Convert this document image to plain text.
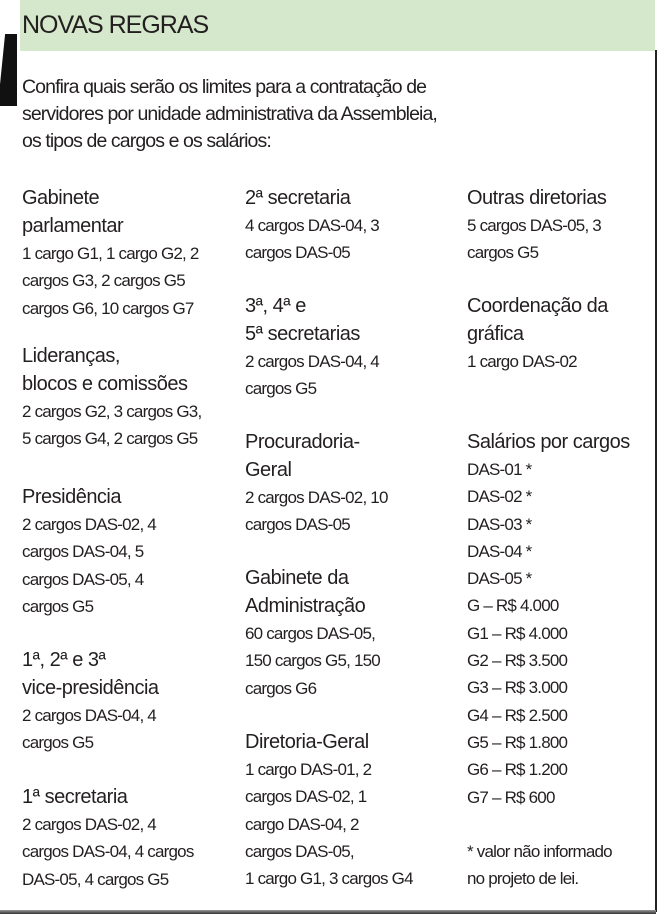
NOVAS REGRAS
Confira quais serão os limites para a contratação de
servidores por unidade administrativa da Assembleia,
os tipos de cargos e os salários:
Gabinete
parlamentar
1 cargo G1, 1 cargo G2, 2
cargos G3, 2 cargos G5
cargos G6, 10 cargos G7
Lideranças,
blocos e comissões
2 cargos G2, 3 cargos G3,
5 cargos G4, 2 cargos G5
Presidência
2 cargos DAS-02, 4
cargos DAS-04, 5
cargos DAS-05, 4
cargos G5
1ª, 2ª e 3ª
vice-presidência
2 cargos DAS-04, 4
cargos G5
1ª secretaria
2 cargos DAS-02, 4
cargos DAS-04, 4 cargos
DAS-05, 4 cargos G5
2ª secretaria
4 cargos DAS-04, 3
cargos DAS-05
3ª, 4ª e
5ª secretarias
2 cargos DAS-04, 4
cargos G5
Procuradoria-
Geral
2 cargos DAS-02, 10
cargos DAS-05
Gabinete da
Administração
60 cargos DAS-05,
150 cargos G5, 150
cargos G6
Diretoria-Geral
1 cargo DAS-01, 2
cargos DAS-02, 1
cargo DAS-04, 2
cargos DAS-05,
1 cargo G1, 3 cargos G4
Outras diretorias
5 cargos DAS-05, 3
cargos G5
Coordenação da
gráfica
1 cargo DAS-02
Salários por cargos
DAS-01 *
DAS-02 *
DAS-03 *
DAS-04 *
DAS-05 *
G – R$ 4.000
G1 – R$ 4.000
G2 – R$ 3.500
G3 – R$ 3.000
G4 – R$ 2.500
G5 – R$ 1.800
G6 – R$ 1.200
G7 – R$ 600
* valor não informado
no projeto de lei.
